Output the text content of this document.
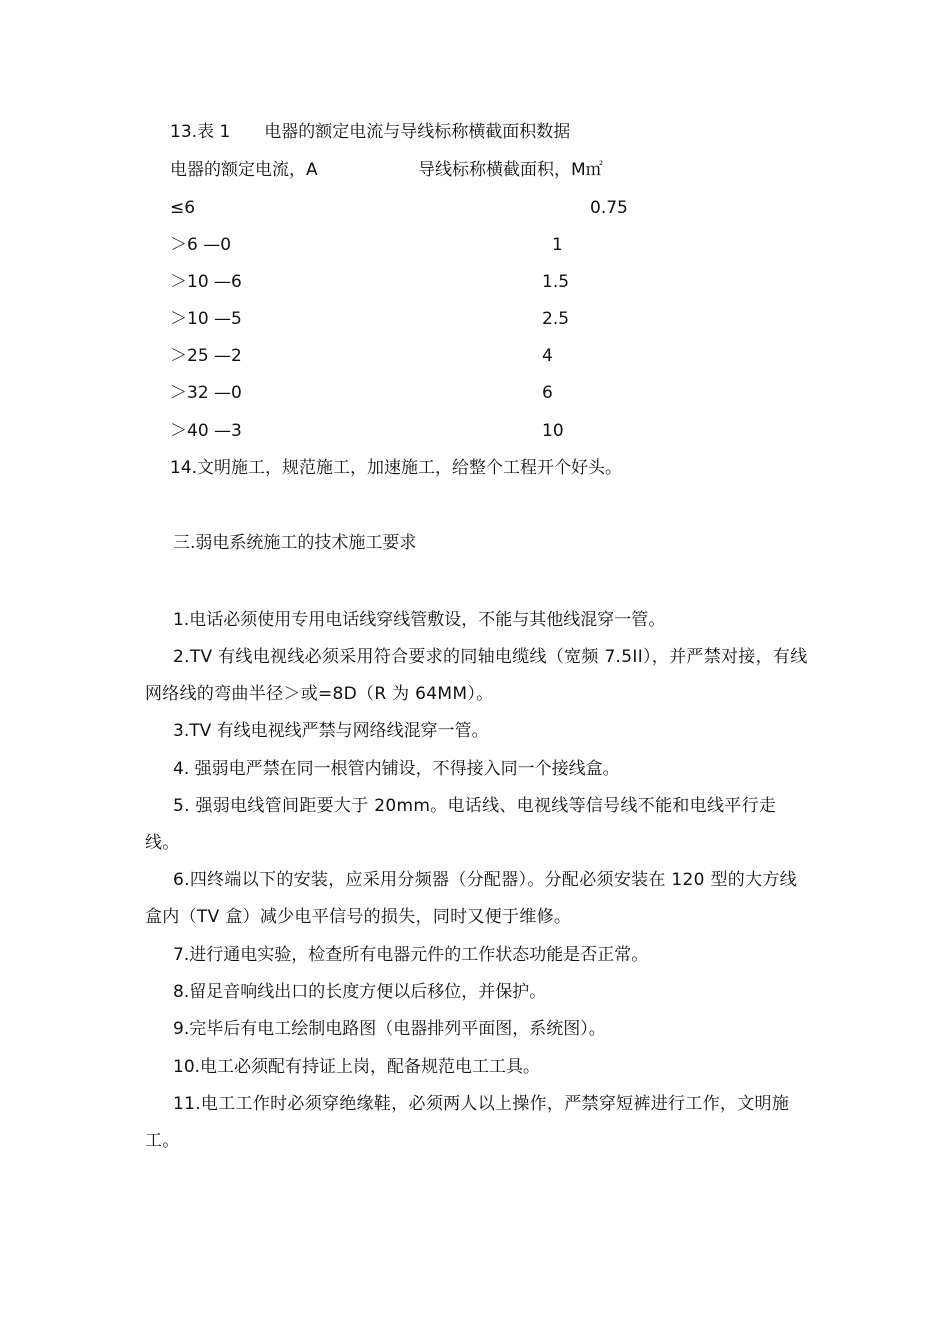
13.表 1　　电器的额定电流与导线标称横截面积数据
电器的额定电流，A	导线标称横截面积，M㎡
≤6	0.75
＞6 —0	1
＞10 —6	1.5
＞10 —5	2.5
＞25 —2	4
＞32 —0	6
＞40 —3	10
14.文明施工，规范施工，加速施工，给整个工程开个好头。
三.弱电系统施工的技术施工要求
1.电话必须使用专用电话线穿线管敷设，不能与其他线混穿一管。
2.TV 有线电视线必须采用符合要求的同轴电缆线（宽频 7.5II），并严禁对接，有线网络线的弯曲半径＞或=8D（R 为 64MM）。
3.TV 有线电视线严禁与网络线混穿一管。
4. 强弱电严禁在同一根管内铺设，不得接入同一个接线盒。
5. 强弱电线管间距要大于 20mm。电话线、电视线等信号线不能和电线平行走线。
6.四终端以下的安装，应采用分频器（分配器）。分配必须安装在 120 型的大方线盒内（TV 盒）减少电平信号的损失，同时又便于维修。
7.进行通电实验，检查所有电器元件的工作状态功能是否正常。
8.留足音响线出口的长度方便以后移位，并保护。
9.完毕后有电工绘制电路图（电器排列平面图，系统图）。
10.电工必须配有持证上岗，配备规范电工工具。
11.电工工作时必须穿绝缘鞋，必须两人以上操作，严禁穿短裤进行工作，文明施工。
